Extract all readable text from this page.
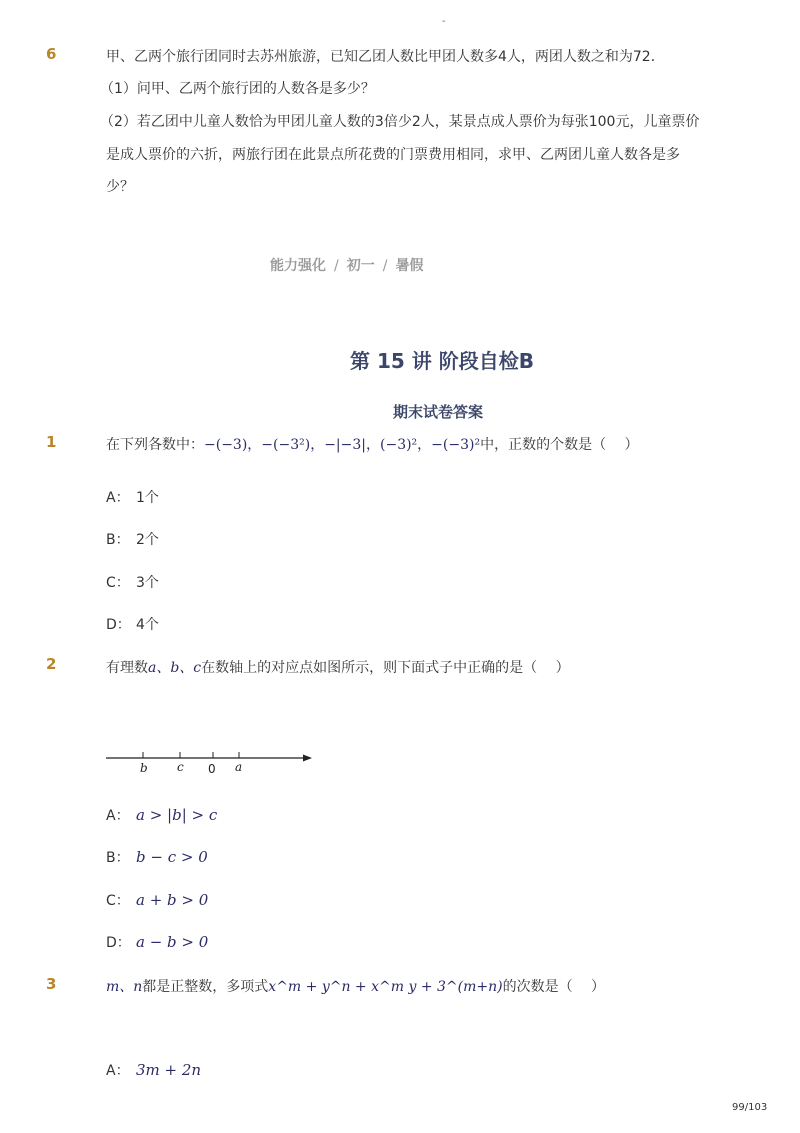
-
6	甲、乙两个旅行团同时去苏州旅游，已知乙团人数比甲团人数多4人，两团人数之和为72．
（1）问甲、乙两个旅行团的人数各是多少？
（2）若乙团中儿童人数恰为甲团儿童人数的3倍少2人，某景点成人票价为每张100元，儿童票价
是成人票价的六折，两旅行团在此景点所花费的门票费用相同，求甲、乙两团儿童人数各是多
少？
能力强化 / 初一 / 暑假
第 15 讲 阶段自检B
期末试卷答案
1	在下列各数中：−(−3)，−(−3²)，−|−3|，(−3)²，−(−3)²中，正数的个数是（　 ）
A： 1个
B： 2个
C： 3个
D： 4个
2	有理数a、b、c在数轴上的对应点如图所示，则下面式子中正确的是（　 ）
b c 0 a
A： a > |b| > c
B： b − c > 0
C： a + b > 0
D： a − b > 0
3	m、n都是正整数，多项式x^m + y^n + x^m y + 3^(m+n)的次数是（　 ）
A： 3m + 2n
99/103
